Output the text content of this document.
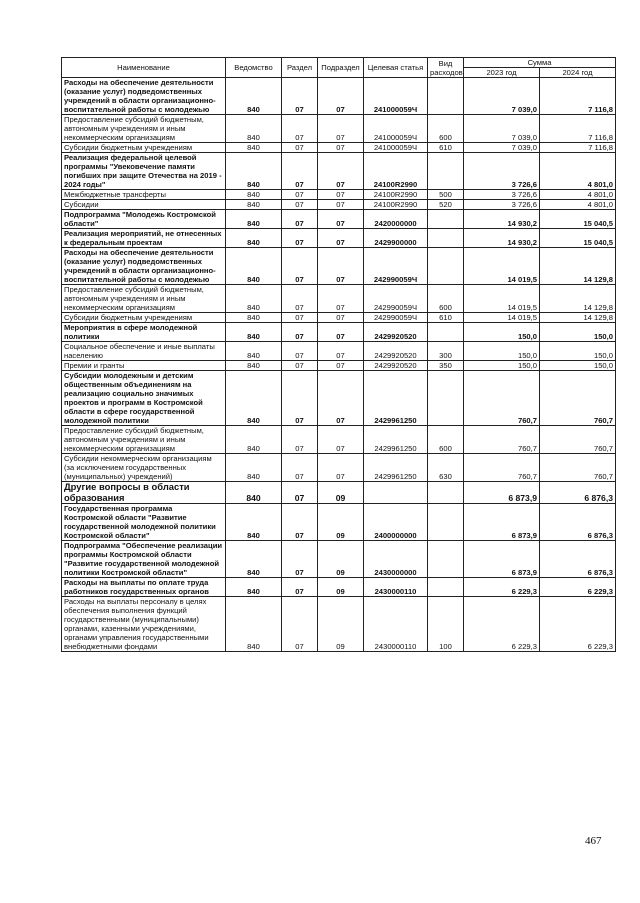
Наименование	Ведомство	Раздел	Подраздел	Целевая статья	Вид расходов	Сумма	
						2023 год	2024 год
Расходы на обеспечение деятельности (оказание услуг) подведомственных учреждений в области организационно-воспитательной работы с молодежью	840	07	07	241000059Ч		7 039,0	7 116,8
Предоставление субсидий бюджетным, автономным учреждениям и иным некоммерческим организациям	840	07	07	241000059Ч	600	7 039,0	7 116,8
Субсидии бюджетным учреждениям	840	07	07	241000059Ч	610	7 039,0	7 116,8
Реализация федеральной целевой программы "Увековечение памяти погибших при защите Отечества на 2019 - 2024 годы"	840	07	07	24100R2990		3 726,6	4 801,0
Межбюджетные трансферты	840	07	07	24100R2990	500	3 726,6	4 801,0
Субсидии	840	07	07	24100R2990	520	3 726,6	4 801,0
Подпрограмма "Молодежь Костромской области"	840	07	07	2420000000		14 930,2	15 040,5
Реализация мероприятий, не отнесенных к федеральным проектам	840	07	07	2429900000		14 930,2	15 040,5
Расходы на обеспечение деятельности (оказание услуг) подведомственных учреждений в области организационно-воспитательной работы с молодежью	840	07	07	242990059Ч		14 019,5	14 129,8
Предоставление субсидий бюджетным, автономным учреждениям и иным некоммерческим организациям	840	07	07	242990059Ч	600	14 019,5	14 129,8
Субсидии бюджетным учреждениям	840	07	07	242990059Ч	610	14 019,5	14 129,8
Мероприятия в сфере молодежной политики	840	07	07	2429920520		150,0	150,0
Социальное обеспечение и иные выплаты населению	840	07	07	2429920520	300	150,0	150,0
Премии и гранты	840	07	07	2429920520	350	150,0	150,0
Субсидии молодежным и детским общественным объединениям на реализацию социально значимых проектов и программ в Костромской области в сфере государственной молодежной политики	840	07	07	2429961250		760,7	760,7
Предоставление субсидий бюджетным, автономным учреждениям и иным некоммерческим организациям	840	07	07	2429961250	600	760,7	760,7
Субсидии некоммерческим организациям (за исключением государственных (муниципальных) учреждений)	840	07	07	2429961250	630	760,7	760,7
Другие вопросы в области образования	840	07	09			6 873,9	6 876,3
Государственная программа Костромской области "Развитие государственной молодежной политики Костромской области"	840	07	09	2400000000		6 873,9	6 876,3
Подпрограмма "Обеспечение реализации программы Костромской области "Развитие государственной молодежной политики Костромской области"	840	07	09	2430000000		6 873,9	6 876,3
Расходы на выплаты по оплате труда работников государственных органов	840	07	09	2430000110		6 229,3	6 229,3
Расходы на выплаты персоналу в целях обеспечения выполнения функций государственными (муниципальными) органами, казенными учреждениями, органами управления государственными внебюджетными фондами	840	07	09	2430000110	100	6 229,3	6 229,3
467
